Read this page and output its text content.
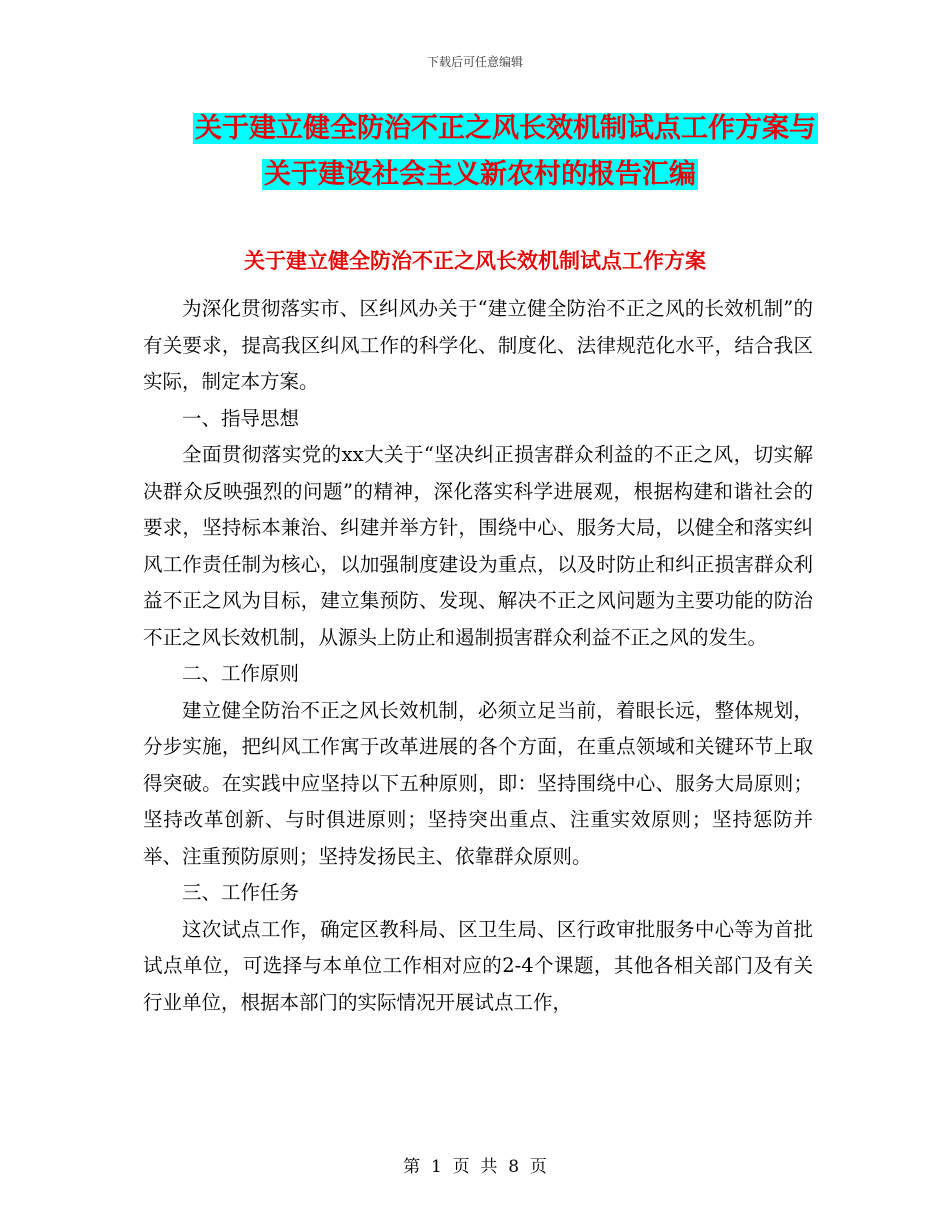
下载后可任意编辑
关于建立健全防治不正之风长效机制试点工作方案与
关于建设社会主义新农村的报告汇编
关于建立健全防治不正之风长效机制试点工作方案

为深化贯彻落实市、区纠风办关于“建立健全防治不正之风的长效机制”的有关要求，提高我区纠风工作的科学化、制度化、法律规范化水平，结合我区实际，制定本方案。

一、指导思想

全面贯彻落实党的xx大关于“坚决纠正损害群众利益的不正之风，切实解决群众反映强烈的问题”的精神，深化落实科学进展观，根据构建和谐社会的要求，坚持标本兼治、纠建并举方针，围绕中心、服务大局，以健全和落实纠风工作责任制为核心，以加强制度建设为重点，以及时防止和纠正损害群众利益不正之风为目标，建立集预防、发现、解决不正之风问题为主要功能的防治不正之风长效机制，从源头上防止和遏制损害群众利益不正之风的发生。

二、工作原则

建立健全防治不正之风长效机制，必须立足当前，着眼长远，整体规划，分步实施，把纠风工作寓于改革进展的各个方面，在重点领域和关键环节上取得突破。在实践中应坚持以下五种原则，即：坚持围绕中心、服务大局原则；坚持改革创新、与时俱进原则；坚持突出重点、注重实效原则；坚持惩防并举、注重预防原则；坚持发扬民主、依靠群众原则。

三、工作任务

这次试点工作，确定区教科局、区卫生局、区行政审批服务中心等为首批试点单位，可选择与本单位工作相对应的2-4个课题，其他各相关部门及有关行业单位，根据本部门的实际情况开展试点工作，

第  1  页  共  8  页
